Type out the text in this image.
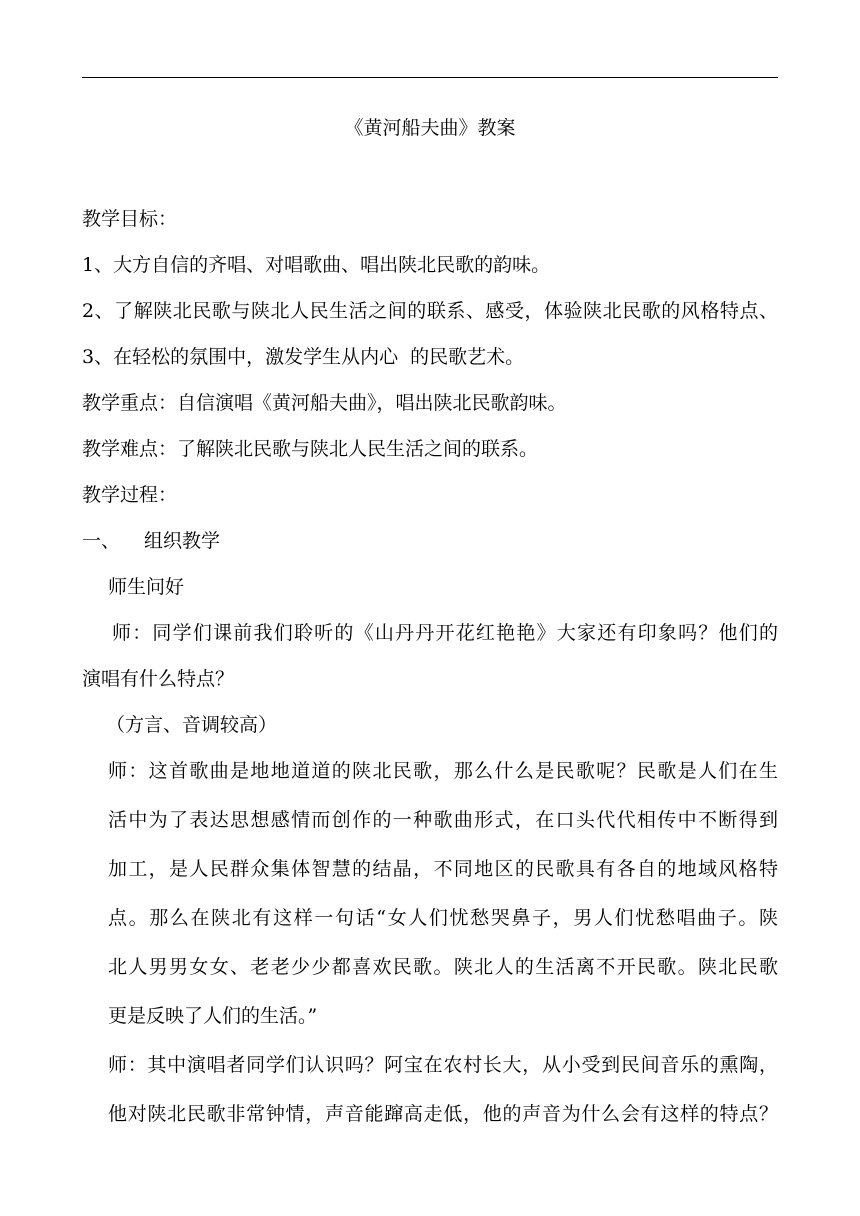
《黄河船夫曲》教案
教学目标：
1、大方自信的齐唱、对唱歌曲、唱出陕北民歌的韵味。
2、了解陕北民歌与陕北人民生活之间的联系、感受，体验陕北民歌的风格特点、
3、在轻松的氛围中，激发学生从内心  的民歌艺术。
教学重点：自信演唱《黄河船夫曲》，唱出陕北民歌韵味。
教学难点：了解陕北民歌与陕北人民生活之间的联系。
教学过程：
一、 组织教学
师生问好
师：同学们课前我们聆听的《山丹丹开花红艳艳》大家还有印象吗？他们的
演唱有什么特点？
（方言、音调较高）
师：这首歌曲是地地道道的陕北民歌，那么什么是民歌呢？民歌是人们在生
活中为了表达思想感情而创作的一种歌曲形式，在口头代代相传中不断得到
加工，是人民群众集体智慧的结晶，不同地区的民歌具有各自的地域风格特
点。那么在陕北有这样一句话“女人们忧愁哭鼻子，男人们忧愁唱曲子。陕
北人男男女女、老老少少都喜欢民歌。陕北人的生活离不开民歌。陕北民歌
更是反映了人们的生活。”
师：其中演唱者同学们认识吗？阿宝在农村长大，从小受到民间音乐的熏陶，
他对陕北民歌非常钟情，声音能蹿高走低，他的声音为什么会有这样的特点？
